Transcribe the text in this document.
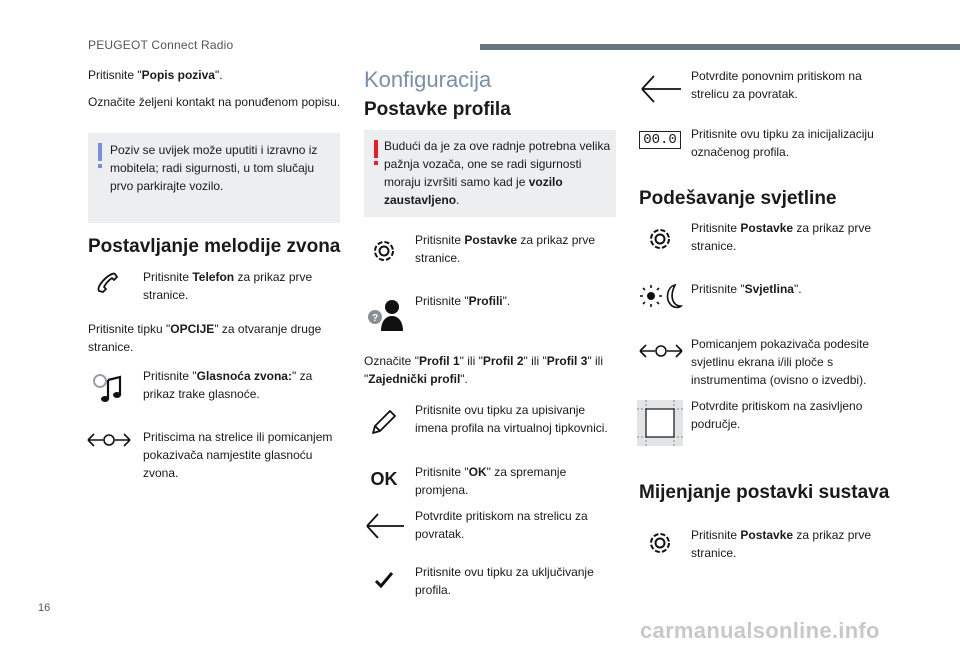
PEUGEOT Connect Radio
16
carmanualsonline.info
Pritisnite "Popis poziva".
Označite željeni kontakt na ponuđenom popisu.
Poziv se uvijek može uputiti i izravno iz mobitela; radi sigurnosti, u tom slučaju prvo parkirajte vozilo.
Postavljanje melodije zvona
Pritisnite Telefon za prikaz prve stranice.
Pritisnite tipku "OPCIJE" za otvaranje druge stranice.
Pritisnite "Glasnoća zvona:" za prikaz trake glasnoće.
Pritiscima na strelice ili pomicanjem pokazivača namjestite glasnoću zvona.
Konfiguracija
Postavke profila
Budući da je za ove radnje potrebna velika pažnja vozača, one se radi sigurnosti moraju izvršiti samo kad je vozilo zaustavljeno.
Pritisnite Postavke za prikaz prve stranice.
?
Pritisnite "Profili".
Označite "Profil 1" ili "Profil 2" ili "Profil 3" ili "Zajednički profil".
Pritisnite ovu tipku za upisivanje imena profila na virtualnoj tipkovnici.
OK	Pritisnite "OK" za spremanje promjena.
Potvrdite pritiskom na strelicu za povratak.
Pritisnite ovu tipku za uključivanje profila.
Potvrdite ponovnim pritiskom na strelicu za povratak.
00.0	Pritisnite ovu tipku za inicijalizaciju označenog profila.
Podešavanje svjetline
Pritisnite Postavke za prikaz prve stranice.
Pritisnite "Svjetlina".
Pomicanjem pokazivača podesite svjetlinu ekrana i/ili ploče s instrumentima (ovisno o izvedbi).
Potvrdite pritiskom na zasivljeno područje.
Mijenjanje postavki sustava
Pritisnite Postavke za prikaz prve stranice.
